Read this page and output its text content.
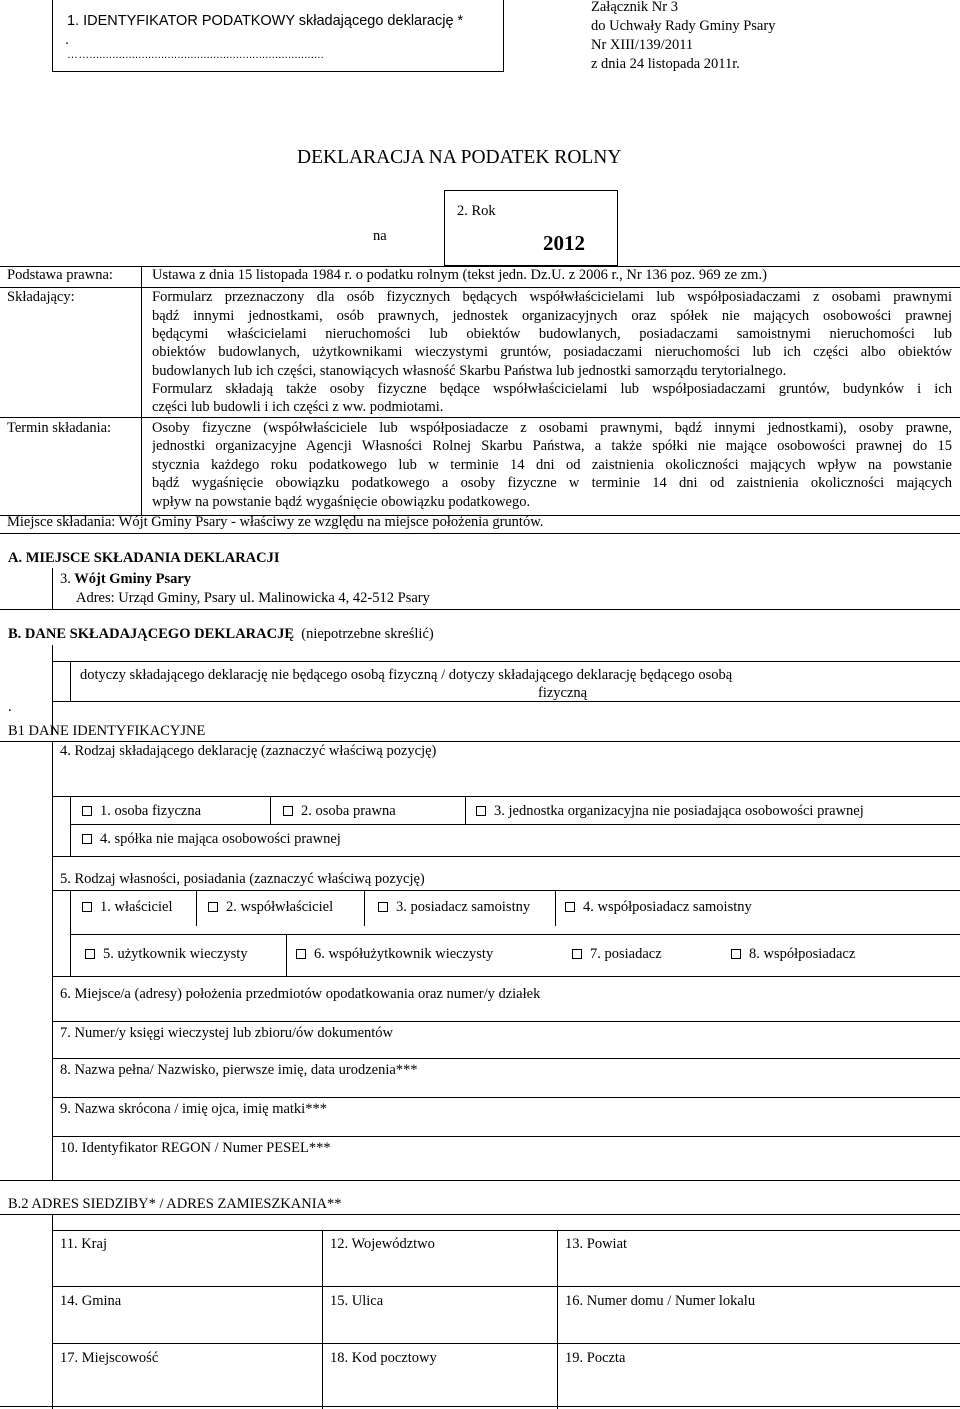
1. IDENTYFIKATOR PODATKOWY składającego deklarację *
.
……........................................................................
Załącznik Nr 3
do Uchwały Rady Gminy Psary
Nr XIII/139/2011
z dnia 24 listopada 2011r.
DEKLARACJA NA PODATEK ROLNY
na
2. Rok
2012
Podstawa prawna:	Ustawa z dnia 15 listopada 1984 r. o podatku rolnym (tekst jedn. Dz.U. z 2006 r., Nr 136 poz. 969 ze zm.)
Składający:	Formularz przeznaczony dla osób fizycznych będących współwłaścicielami lub współposiadaczami z osobami prawnymi
bądź innymi jednostkami, osób prawnych, jednostek organizacyjnych oraz spółek nie mających osobowości prawnej
będącymi właścicielami nieruchomości lub obiektów budowlanych, posiadaczami samoistnymi nieruchomości lub
obiektów budowlanych, użytkownikami wieczystymi gruntów, posiadaczami nieruchomości lub ich części albo obiektów
budowlanych lub ich części, stanowiących własność Skarbu Państwa lub jednostki samorządu terytorialnego.
Formularz składają także osoby fizyczne będące współwłaścicielami lub współposiadaczami gruntów, budynków i ich
części lub budowli i ich części z ww. podmiotami.
Termin składania:	Osoby fizyczne (współwłaściciele lub współposiadacze z osobami prawnymi, bądź innymi jednostkami), osoby prawne,
jednostki organizacyjne Agencji Własności Rolnej Skarbu Państwa, a także spółki nie mające osobowości prawnej do 15
stycznia każdego roku podatkowego lub w terminie 14 dni od zaistnienia okoliczności mających wpływ na powstanie
bądź wygaśnięcie obowiązku podatkowego a osoby fizyczne w terminie 14 dni od zaistnienia okoliczności mających
wpływ na powstanie bądź wygaśnięcie obowiązku podatkowego.
Miejsce składania: Wójt Gminy Psary - właściwy ze względu na miejsce położenia gruntów.
A. MIEJSCE SKŁADANIA DEKLARACJI
3. Wójt Gminy Psary
Adres: Urząd Gminy, Psary ul. Malinowicka 4, 42-512 Psary
B. DANE SKŁADAJĄCEGO DEKLARACJĘ (niepotrzebne skreślić)
dotyczy składającego deklarację nie będącego osobą fizyczną / dotyczy składającego deklarację będącego osobą
fizyczną
.
B1 DANE IDENTYFIKACYJNE
4. Rodzaj składającego deklarację (zaznaczyć właściwą pozycję)
1. osoba fizyczna	2. osoba prawna	3. jednostka organizacyjna nie posiadająca osobowości prawnej
4. spółka nie mająca osobowości prawnej
5. Rodzaj własności, posiadania (zaznaczyć właściwą pozycję)
1. właściciel	2. współwłaściciel	3. posiadacz samoistny	4. współposiadacz samoistny
5. użytkownik wieczysty	6. współużytkownik wieczysty	7. posiadacz	8. współposiadacz
6. Miejsce/a (adresy) położenia przedmiotów opodatkowania oraz numer/y działek
7. Numer/y księgi wieczystej lub zbioru/ów dokumentów
8. Nazwa pełna/ Nazwisko, pierwsze imię, data urodzenia***
9. Nazwa skrócona / imię ojca, imię matki***
10. Identyfikator REGON / Numer PESEL***
B.2 ADRES SIEDZIBY* / ADRES ZAMIESZKANIA**
11. Kraj	12. Województwo	13. Powiat
14. Gmina	15. Ulica	16. Numer domu / Numer lokalu
17. Miejscowość	18. Kod pocztowy	19. Poczta
